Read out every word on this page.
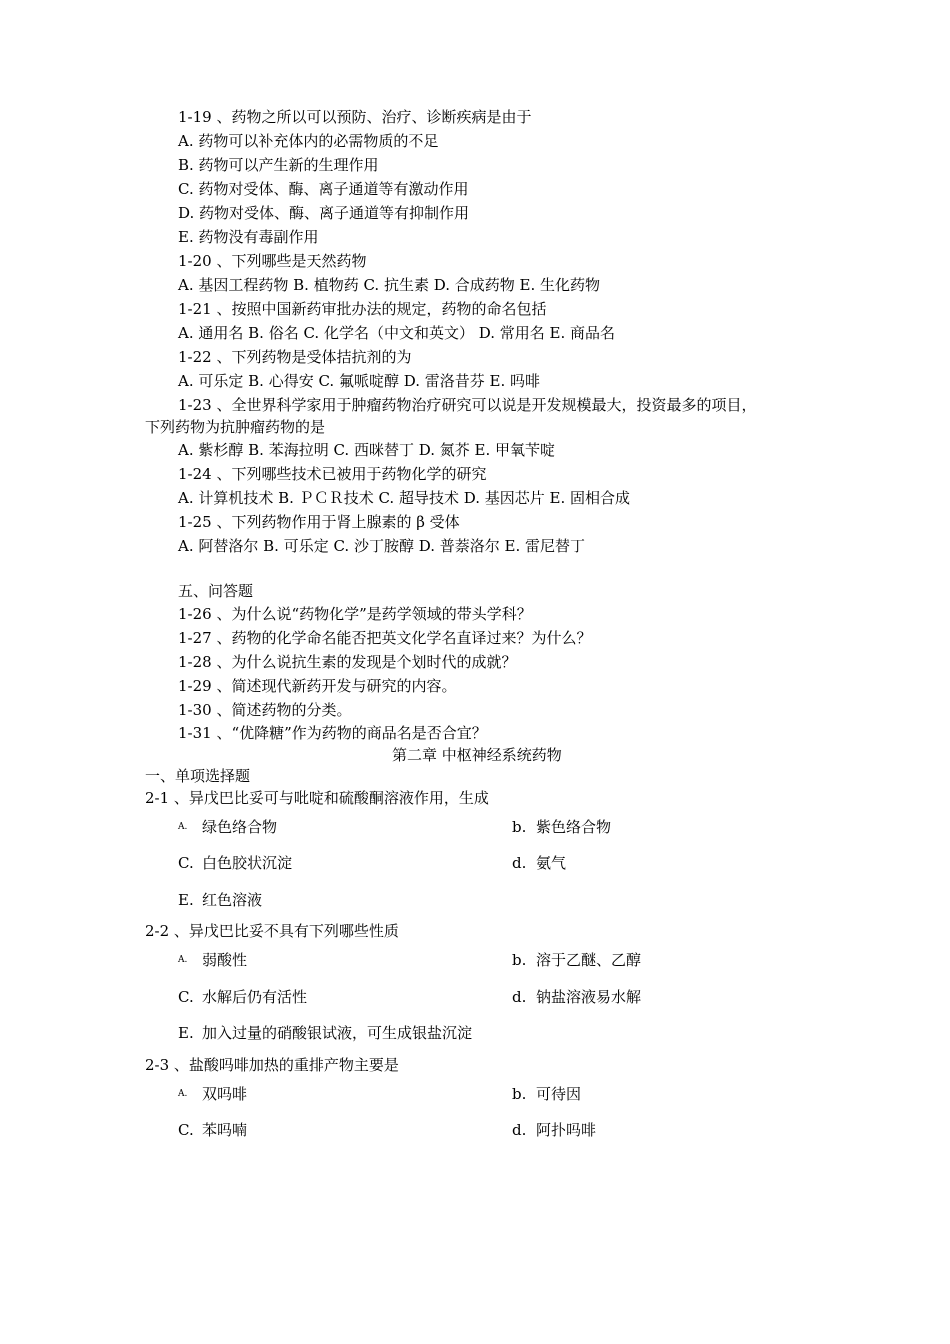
1-19 、药物之所以可以预防、治疗、诊断疾病是由于
A. 药物可以补充体内的必需物质的不足
B. 药物可以产生新的生理作用
C. 药物对受体、酶、离子通道等有激动作用
D. 药物对受体、酶、离子通道等有抑制作用
E. 药物没有毒副作用
1-20 、下列哪些是天然药物
A. 基因工程药物 B. 植物药 C. 抗生素 D. 合成药物 E. 生化药物
1-21 、按照中国新药审批办法的规定，药物的命名包括
A. 通用名 B. 俗名 C. 化学名（中文和英文） D. 常用名 E. 商品名
1-22 、下列药物是受体拮抗剂的为
A. 可乐定 B. 心得安 C. 氟哌啶醇 D. 雷洛昔芬 E. 吗啡
1-23 、全世界科学家用于肿瘤药物治疗研究可以说是开发规模最大，投资最多的项目，
下列药物为抗肿瘤药物的是
A. 紫杉醇 B. 苯海拉明 C. 西咪替丁 D. 氮芥 E. 甲氧苄啶
1-24 、下列哪些技术已被用于药物化学的研究
A. 计算机技术 B. ＰＣＲ技术 C. 超导技术 D. 基因芯片 E. 固相合成
1-25 、下列药物作用于肾上腺素的 β 受体
A. 阿替洛尔 B. 可乐定 C. 沙丁胺醇 D. 普萘洛尔 E. 雷尼替丁
五、问答题
1-26 、为什么说“药物化学”是药学领域的带头学科？
1-27 、药物的化学命名能否把英文化学名直译过来？为什么？
1-28 、为什么说抗生素的发现是个划时代的成就？
1-29 、简述现代新药开发与研究的内容。
1-30 、简述药物的分类。
1-31 、“优降糖”作为药物的商品名是否合宜？
第二章 中枢神经系统药物
一、单项选择题
2-1 、异戊巴比妥可与吡啶和硫酸酮溶液作用，生成
A. 绿色络合物	b. 紫色络合物
C. 白色胶状沉淀	d. 氨气
E. 红色溶液
2-2 、异戊巴比妥不具有下列哪些性质
A. 弱酸性	b. 溶于乙醚、乙醇
C. 水解后仍有活性	d. 钠盐溶液易水解
E. 加入过量的硝酸银试液，可生成银盐沉淀
2-3 、盐酸吗啡加热的重排产物主要是
A. 双吗啡	b. 可待因
C. 苯吗喃	d. 阿扑吗啡
